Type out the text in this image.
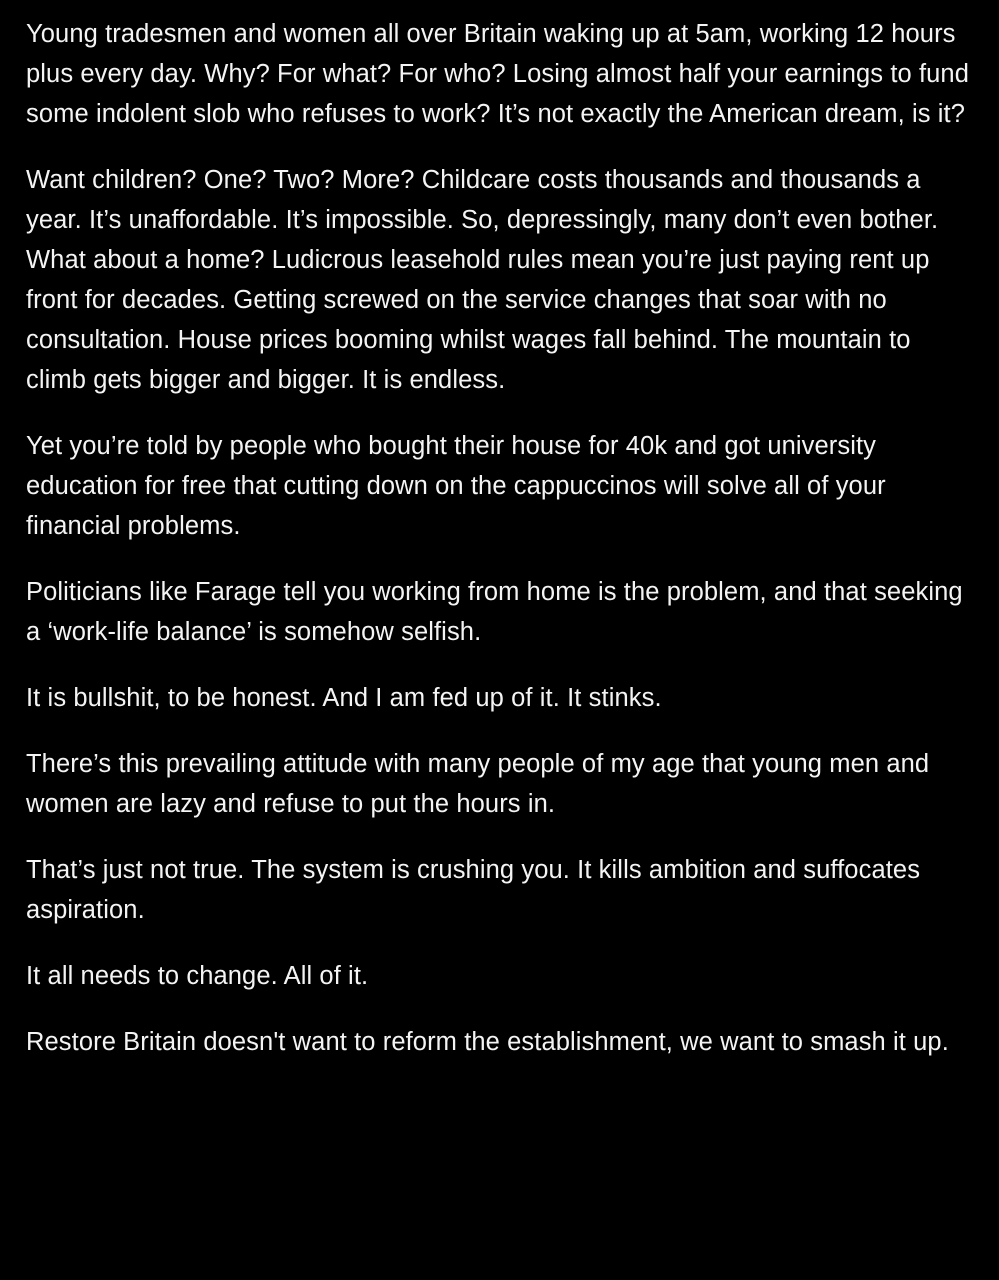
Young tradesmen and women all over Britain waking up at 5am, working 12 hours plus every day. Why? For what? For who? Losing almost half your earnings to fund some indolent slob who refuses to work? It’s not exactly the American dream, is it?

Want children? One? Two? More? Childcare costs thousands and thousands a year. It’s unaffordable. It’s impossible. So, depressingly, many don’t even bother. What about a home? Ludicrous leasehold rules mean you’re just paying rent up front for decades. Getting screwed on the service changes that soar with no consultation. House prices booming whilst wages fall behind. The mountain to climb gets bigger and bigger. It is endless.

Yet you’re told by people who bought their house for 40k and got university education for free that cutting down on the cappuccinos will solve all of your financial problems.

Politicians like Farage tell you working from home is the problem, and that seeking a ‘work-life balance’ is somehow selfish.

It is bullshit, to be honest. And I am fed up of it. It stinks.

There’s this prevailing attitude with many people of my age that young men and women are lazy and refuse to put the hours in.

That’s just not true. The system is crushing you. It kills ambition and suffocates aspiration.

It all needs to change. All of it.

Restore Britain doesn't want to reform the establishment, we want to smash it up.
